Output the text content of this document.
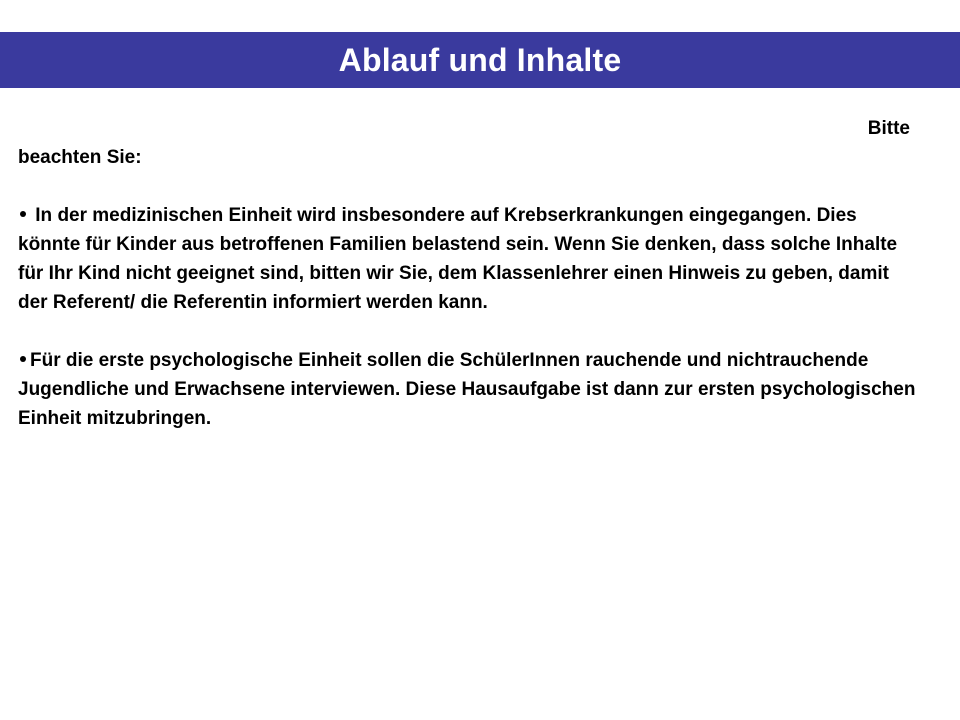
Ablauf und Inhalte
Bitte
beachten Sie:

In der medizinischen Einheit wird insbesondere auf Krebserkrankungen eingegangen. Dies könnte für Kinder aus betroffenen Familien belastend sein. Wenn Sie denken, dass solche Inhalte für Ihr Kind nicht geeignet sind, bitten wir Sie, dem Klassenlehrer einen Hinweis zu geben, damit der Referent/ die Referentin informiert werden kann.

Für die erste psychologische Einheit sollen die SchülerInnen rauchende und nichtrauchende Jugendliche und Erwachsene interviewen. Diese Hausaufgabe ist dann zur ersten psychologischen Einheit mitzubringen.
